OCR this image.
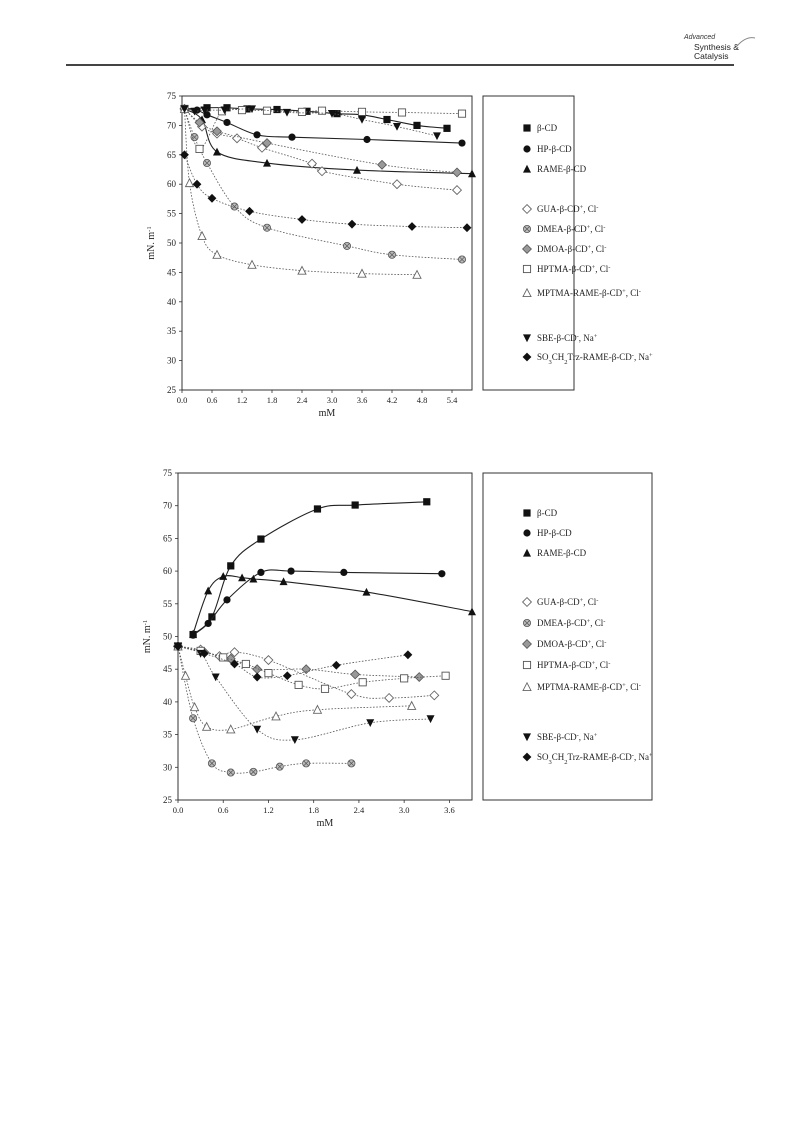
Advanced
Synthesis &
Catalysis
25
30
35
40
45
50
55
60
65
70
75
0.0 0.6 1.2 1.8 2.4 3.0 3.6 4.2 4.8 5.4
mM
mN. $m^{-1}$
β-CD
HP-β-CD
RAME-β-CD
GUA-β-CD+, Cl-
DMEA-β-CD+, Cl-
DMOA-β-CD+, Cl-
HPTMA-β-CD+, Cl-
MPTMA-RAME-β-CD+, Cl-
SBE-β-CD-, Na+
$SO_3CH_2Trz-RAME-\beta-CD^-$, Na+
25
30
35
40
45
50
55
60
65
70
75
0.0	0.6	1.2	1.8	2.4	3.0	3.6
mM
mN. $m^{-1}$
β-CD
HP-β-CD
RAME-β-CD
GUA-β-CD+, Cl-
DMEA-β-CD+, Cl-
DMOA-β-CD+, Cl-
HPTMA-β-CD+, Cl-
MPTMA-RAME-β-CD+, Cl-
SBE-β-CD-, Na+
$SO_3CH_2Trz-RAME-\beta-CD^-$, Na+
